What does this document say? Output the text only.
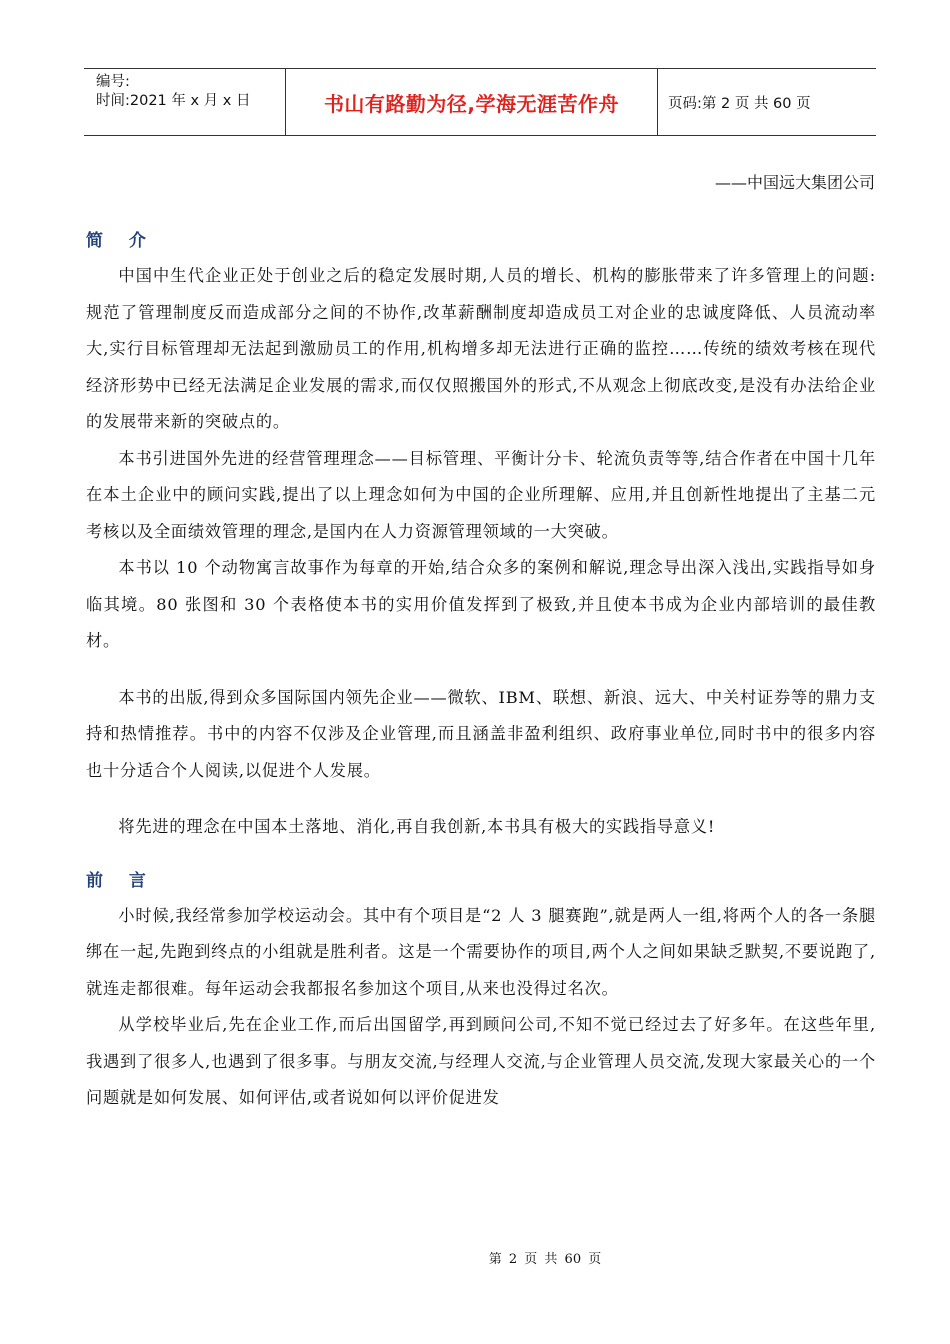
编号:
时间:2021 年 x 月 x 日	书山有路勤为径,学海无涯苦作舟	页码:第 2 页 共 60 页
——中国远大集团公司
简 介

中国中生代企业正处于创业之后的稳定发展时期,人员的增长、机构的膨胀带来了许多管理上的问题:规范了管理制度反而造成部分之间的不协作,改革薪酬制度却造成员工对企业的忠诚度降低、人员流动率大,实行目标管理却无法起到激励员工的作用,机构增多却无法进行正确的监控……传统的绩效考核在现代经济形势中已经无法满足企业发展的需求,而仅仅照搬国外的形式,不从观念上彻底改变,是没有办法给企业的发展带来新的突破点的。

本书引进国外先进的经营管理理念——目标管理、平衡计分卡、轮流负责等等,结合作者在中国十几年在本土企业中的顾问实践,提出了以上理念如何为中国的企业所理解、应用,并且创新性地提出了主基二元考核以及全面绩效管理的理念,是国内在人力资源管理领域的一大突破。

本书以 10 个动物寓言故事作为每章的开始,结合众多的案例和解说,理念导出深入浅出,实践指导如身临其境。80 张图和 30 个表格使本书的实用价值发挥到了极致,并且使本书成为企业内部培训的最佳教材。

本书的出版,得到众多国际国内领先企业——微软、IBM、联想、新浪、远大、中关村证券等的鼎力支持和热情推荐。书中的内容不仅涉及企业管理,而且涵盖非盈利组织、政府事业单位,同时书中的很多内容也十分适合个人阅读,以促进个人发展。

将先进的理念在中国本土落地、消化,再自我创新,本书具有极大的实践指导意义!

前 言

小时候,我经常参加学校运动会。其中有个项目是“2 人 3 腿赛跑”,就是两人一组,将两个人的各一条腿绑在一起,先跑到终点的小组就是胜利者。这是一个需要协作的项目,两个人之间如果缺乏默契,不要说跑了,就连走都很难。每年运动会我都报名参加这个项目,从来也没得过名次。

从学校毕业后,先在企业工作,而后出国留学,再到顾问公司,不知不觉已经过去了好多年。在这些年里,我遇到了很多人,也遇到了很多事。与朋友交流,与经理人交流,与企业管理人员交流,发现大家最关心的一个问题就是如何发展、如何评估,或者说如何以评价促进发

第 2 页 共 60 页
